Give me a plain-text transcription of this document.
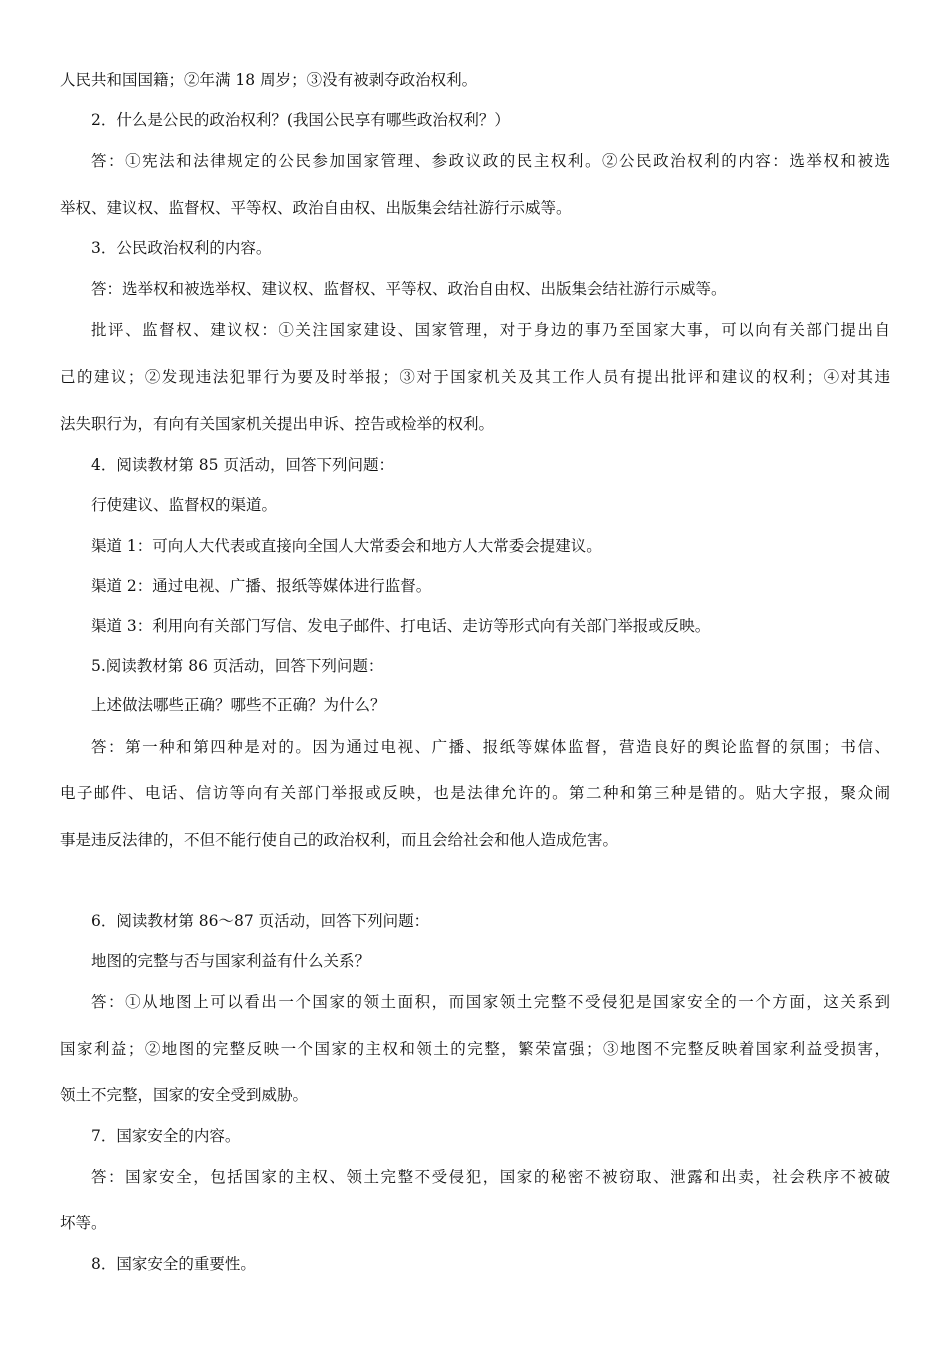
人民共和国国籍；②年满 18 周岁；③没有被剥夺政治权利。
2．什么是公民的政治权利？(我国公民享有哪些政治权利？）
答：①宪法和法律规定的公民参加国家管理、参政议政的民主权利。②公民政治权利的内容：选举权和被选
举权、建议权、监督权、平等权、政治自由权、出版集会结社游行示威等。
3．公民政治权利的内容。
答：选举权和被选举权、建议权、监督权、平等权、政治自由权、出版集会结社游行示威等。
批评、监督权、建议权：①关注国家建设、国家管理，对于身边的事乃至国家大事，可以向有关部门提出自
己的建议；②发现违法犯罪行为要及时举报；③对于国家机关及其工作人员有提出批评和建议的权利；④对其违
法失职行为，有向有关国家机关提出申诉、控告或检举的权利。
4．阅读教材第 85 页活动，回答下列问题：
行使建议、监督权的渠道。
渠道 1：可向人大代表或直接向全国人大常委会和地方人大常委会提建议。
渠道 2：通过电视、广播、报纸等媒体进行监督。
渠道 3：利用向有关部门写信、发电子邮件、打电话、走访等形式向有关部门举报或反映。
5.阅读教材第 86 页活动，回答下列问题：
上述做法哪些正确？哪些不正确？为什么？
答：第一种和第四种是对的。因为通过电视、广播、报纸等媒体监督，营造良好的舆论监督的氛围；书信、
电子邮件、电话、信访等向有关部门举报或反映，也是法律允许的。第二种和第三种是错的。贴大字报，聚众闹
事是违反法律的，不但不能行使自己的政治权利，而且会给社会和他人造成危害。
6．阅读教材第 86～87 页活动，回答下列问题：
地图的完整与否与国家利益有什么关系？
答：①从地图上可以看出一个国家的领土面积，而国家领土完整不受侵犯是国家安全的一个方面，这关系到
国家利益；②地图的完整反映一个国家的主权和领土的完整，繁荣富强；③地图不完整反映着国家利益受损害，
领土不完整，国家的安全受到威胁。
7．国家安全的内容。
答：国家安全，包括国家的主权、领土完整不受侵犯，国家的秘密不被窃取、泄露和出卖，社会秩序不被破
坏等。
8．国家安全的重要性。
